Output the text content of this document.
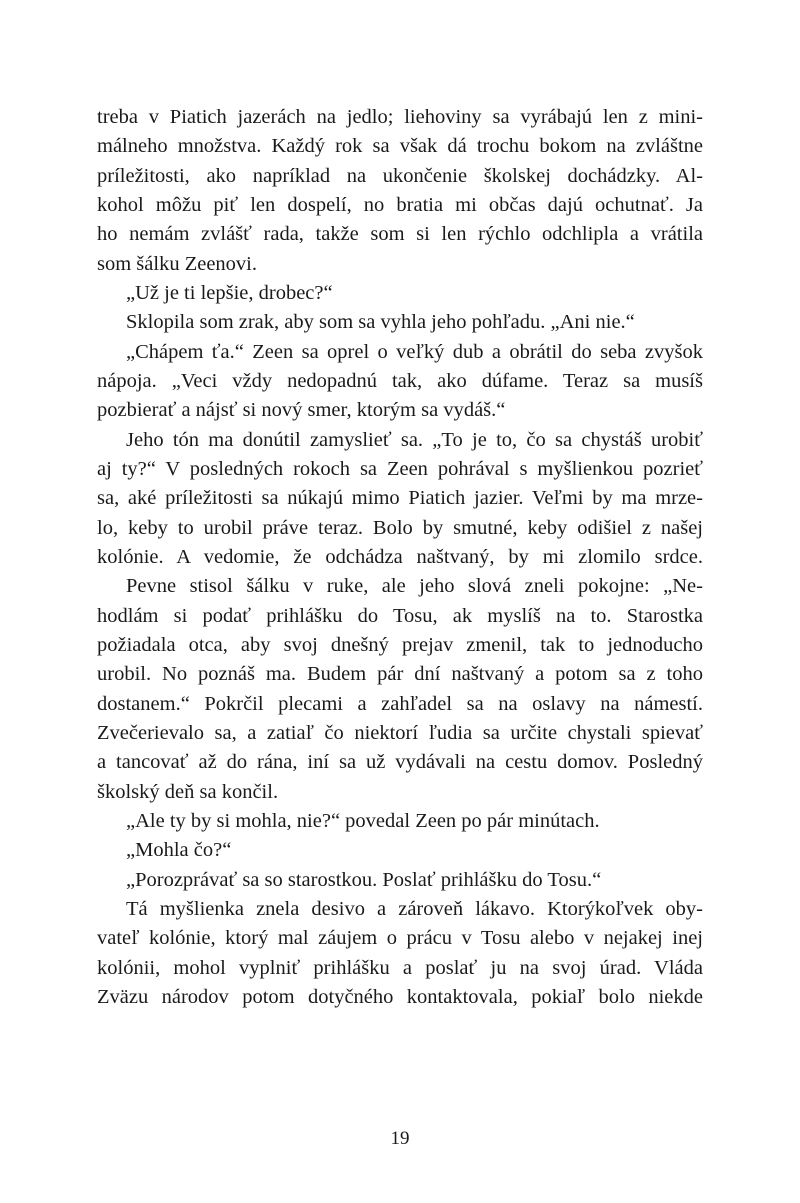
treba v Piatich jazerách na jedlo; liehoviny sa vyrábajú len z mini-
málneho množstva. Každý rok sa však dá trochu bokom na zvláštne
príležitosti, ako napríklad na ukončenie školskej dochádzky. Al-
kohol môžu piť len dospelí, no bratia mi občas dajú ochutnať. Ja
ho nemám zvlášť rada, takže som si len rýchlo odchlipla a vrátila
som šálku Zeenovi.
„Už je ti lepšie, drobec?“
Sklopila som zrak, aby som sa vyhla jeho pohľadu. „Ani nie.“
„Chápem ťa.“ Zeen sa oprel o veľký dub a obrátil do seba zvyšok
nápoja. „Veci vždy nedopadnú tak, ako dúfame. Teraz sa musíš
pozbierať a nájsť si nový smer, ktorým sa vydáš.“
Jeho tón ma donútil zamyslieť sa. „To je to, čo sa chystáš urobiť
aj ty?“ V posledných rokoch sa Zeen pohrával s myšlienkou pozrieť
sa, aké príležitosti sa núkajú mimo Piatich jazier. Veľmi by ma mrze-
lo, keby to urobil práve teraz. Bolo by smutné, keby odišiel z našej
kolónie. A vedomie, že odchádza naštvaný, by mi zlomilo srdce.
Pevne stisol šálku v ruke, ale jeho slová zneli pokojne: „Ne-
hodlám si podať prihlášku do Tosu, ak myslíš na to. Starostka
požiadala otca, aby svoj dnešný prejav zmenil, tak to jednoducho
urobil. No poznáš ma. Budem pár dní naštvaný a potom sa z toho
dostanem.“ Pokrčil plecami a zahľadel sa na oslavy na námestí.
Zvečerievalo sa, a zatiaľ čo niektorí ľudia sa určite chystali spievať
a tancovať až do rána, iní sa už vydávali na cestu domov. Posledný
školský deň sa končil.
„Ale ty by si mohla, nie?“ povedal Zeen po pár minútach.
„Mohla čo?“
„Porozprávať sa so starostkou. Poslať prihlášku do Tosu.“
Tá myšlienka znela desivo a zároveň lákavo. Ktorýkoľvek oby-
vateľ kolónie, ktorý mal záujem o prácu v Tosu alebo v nejakej inej
kolónii, mohol vyplniť prihlášku a poslať ju na svoj úrad. Vláda
Zväzu národov potom dotyčného kontaktovala, pokiaľ bolo niekde
19
